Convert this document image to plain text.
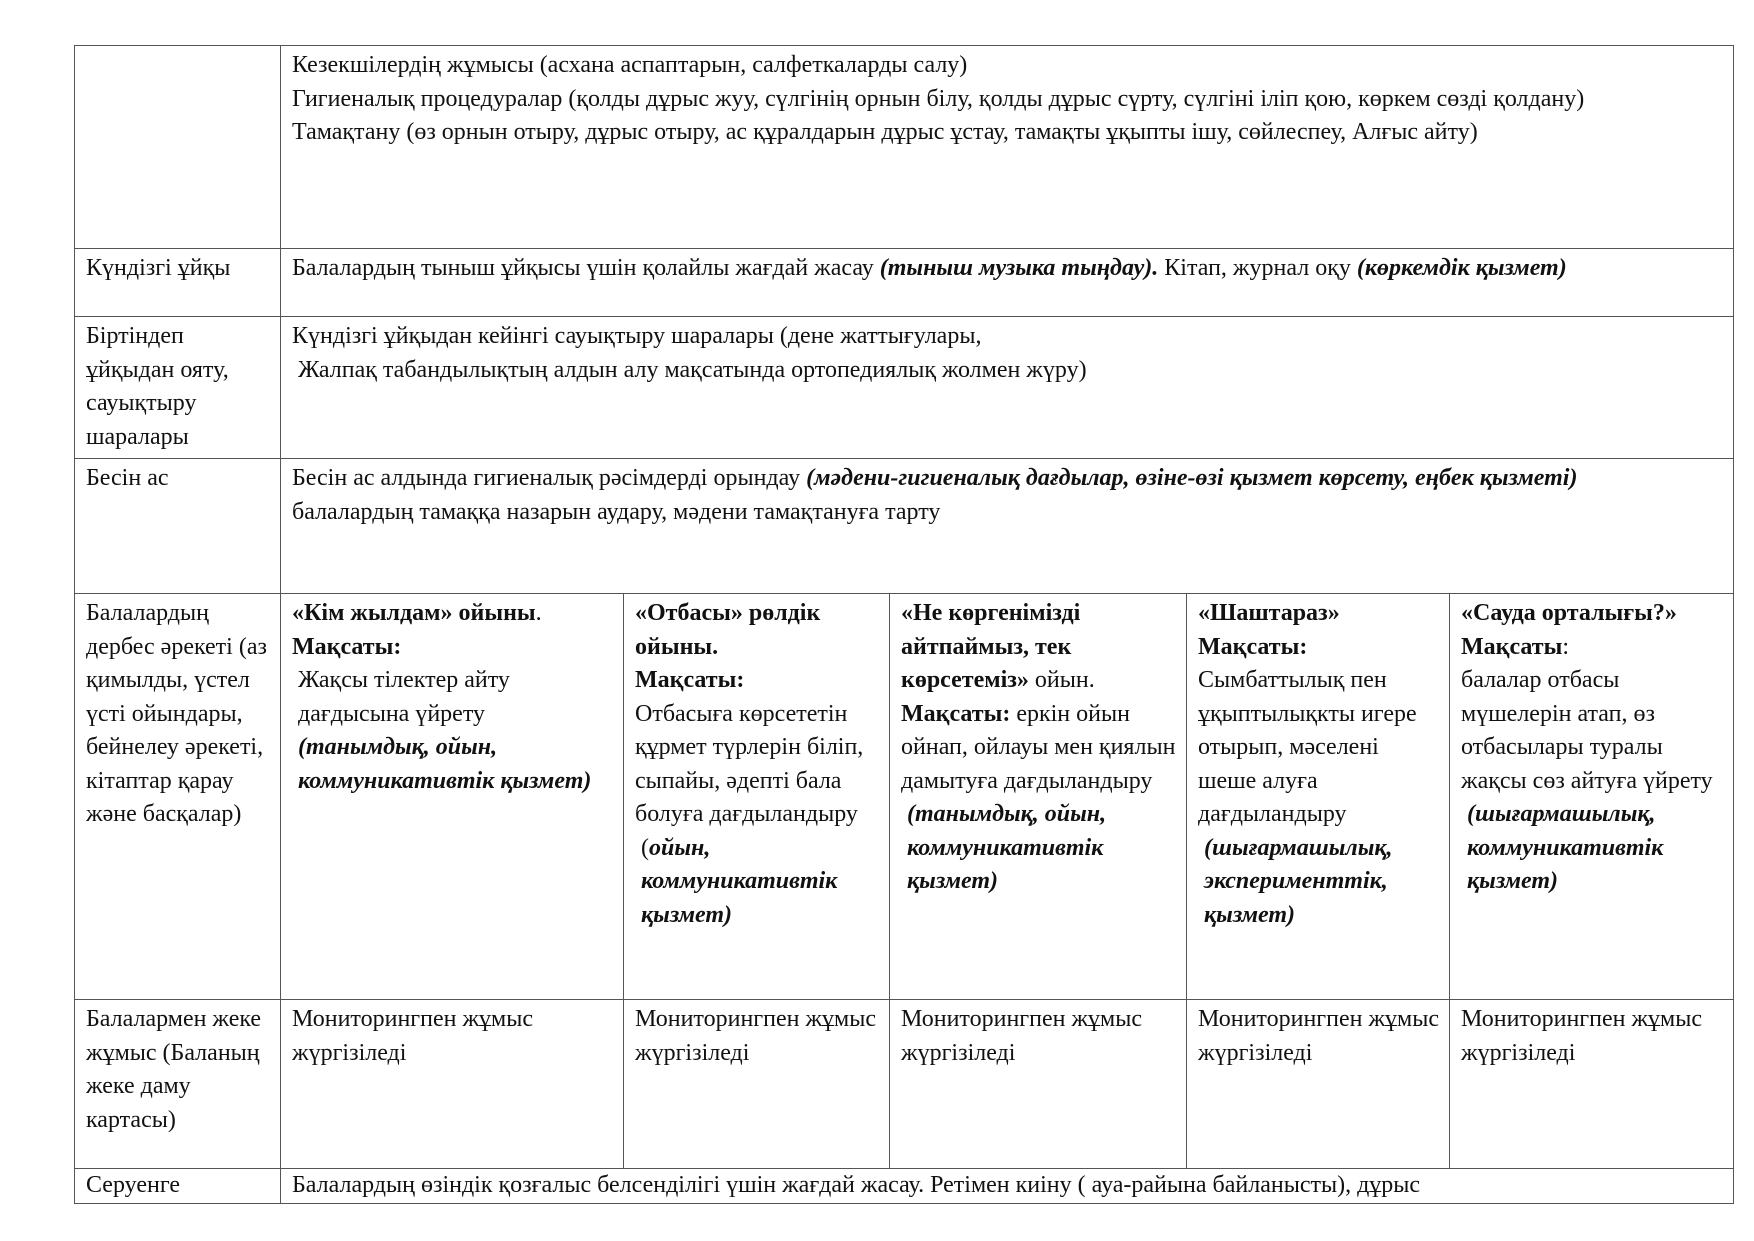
	Кезекшілердің жұмысы (асхана аспаптарын, салфеткаларды салу)
Гигиеналық процедуралар (қолды дұрыс жуу, сүлгінің орнын білу, қолды дұрыс сүрту, сүлгіні іліп қою, көркем сөзді қолдану)
Тамақтану (өз орнын отыру, дұрыс отыру, ас құралдарын дұрыс ұстау, тамақты ұқыпты ішу, сөйлеспеу, Алғыс айту)				

Күндізгі ұйқы	Балалардың тыныш ұйқысы үшін қолайлы жағдай жасау (тыныш музыка тыңдау). Кітап, журнал оқу (көркемдік қызмет)				
Біртіндеп ұйқыдан ояту, сауықтыру шаралары	Күндізгі ұйқыдан кейінгі сауықтыру шаралары (дене жаттығулары,
Жалпақ табандылықтың алдын алу мақсатында ортопедиялық жолмен жүру)				

Бесін ас	Бесін ас алдында гигиеналық рәсімдерді орындау (мәдени-гигиеналық дағдылар, өзіне-өзі қызмет көрсету, еңбек қызметі)
балалардың тамаққа назарын аудару, мәдени тамақтануға тарту				

Балалардың дербес әрекеті (аз қимылды, үстел үсті ойындары, бейнелеу әрекеті, кітаптар қарау және басқалар)	«Кім жылдам» ойыны.
Мақсаты:
Жақсы тілектер айту дағдысына үйрету
(танымдық, ойын, коммуникативтік қызмет)	«Отбасы» рөлдік ойыны.
Мақсаты:
Отбасыға көрсететін құрмет түрлерін біліп, сыпайы, әдепті бала болуға дағдыландыру
(ойын, коммуникативтік қызмет)	«Не көргенімізді айтпаймыз, тек көрсетеміз» ойын.
Мақсаты: еркін ойын ойнап, ойлауы мен қиялын дамытуға дағдыландыру
(танымдық, ойын, коммуникативтік қызмет)	«Шаштараз»
Мақсаты:
Сымбаттылық пен ұқыптылықкты игере отырып, мәселені шеше алуға дағдыландыру
(шығармашылық, эксперименттік, қызмет)	«Сауда орталығы?»
Мақсаты:
балалар отбасы мүшелерін атап, өз отбасылары туралы жақсы сөз айтуға үйрету
(шығармашылық, коммуникативтік қызмет)

Балалармен жеке жұмыс (Баланың жеке даму картасы)	Мониторингпен жұмыс жүргізіледі	Мониторингпен жұмыс жүргізіледі	Мониторингпен жұмыс жүргізіледі	Мониторингпен жұмыс жүргізіледі	Мониторингпен жұмыс жүргізіледі
Серуенге	Балалардың өзіндік қозғалыс белсенділігі үшін жағдай жасау. Ретімен киіну ( ауа-райына байланысты), дұрыс				
